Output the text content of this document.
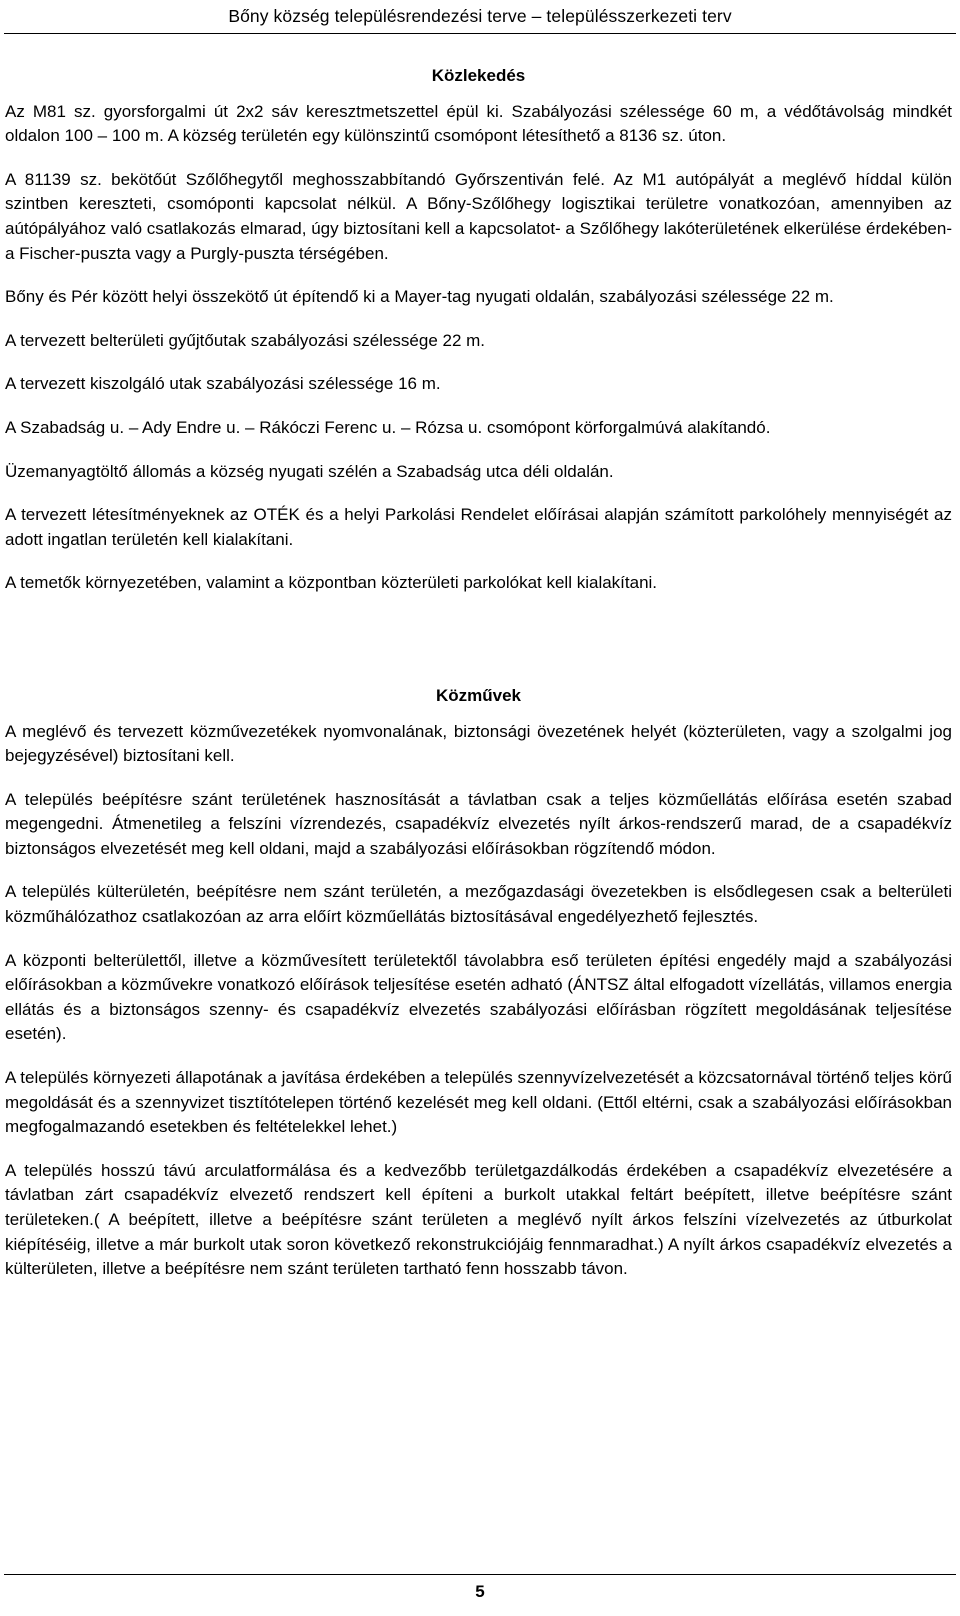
Bőny község településrendezési terve – településszerkezeti terv
Közlekedés

Az M81 sz. gyorsforgalmi út 2x2 sáv keresztmetszettel épül ki. Szabályozási szélessége 60 m, a védőtávolság mindkét oldalon 100 – 100 m. A község területén egy különszintű csomópont létesíthető a 8136 sz. úton.

A 81139 sz. bekötőút Szőlőhegytől meghosszabbítandó Győrszentiván felé. Az M1 autópályát a meglévő híddal külön szintben kereszteti, csomóponti kapcsolat nélkül. A Bőny-Szőlőhegy logisztikai területre vonatkozóan, amennyiben az aútópályához való csatlakozás elmarad, úgy biztosítani kell a kapcsolatot- a Szőlőhegy lakóterületének elkerülése érdekében- a Fischer-puszta vagy a Purgly-puszta térségében.

Bőny és Pér között helyi összekötő út építendő ki a Mayer-tag nyugati oldalán, szabályozási szélessége 22 m.

A tervezett belterületi gyűjtőutak szabályozási szélessége 22 m.

A tervezett kiszolgáló utak szabályozási szélessége 16 m.

A Szabadság u. – Ady Endre u. – Rákóczi Ferenc u. – Rózsa u. csomópont körforgalmúvá alakítandó.

Üzemanyagtöltő állomás a község nyugati szélén a Szabadság utca déli oldalán.

A tervezett létesítményeknek az OTÉK és a helyi Parkolási Rendelet előírásai alapján számított parkolóhely mennyiségét az adott ingatlan területén kell kialakítani.

A temetők környezetében, valamint a központban közterületi parkolókat kell kialakítani.

Közművek

A meglévő és tervezett közművezetékek nyomvonalának, biztonsági övezetének helyét (közterületen, vagy a szolgalmi jog bejegyzésével) biztosítani kell.

A település beépítésre szánt területének hasznosítását a távlatban csak a teljes közműellátás előírása esetén szabad megengedni. Átmenetileg a felszíni vízrendezés, csapadékvíz elvezetés nyílt árkos-rendszerű marad, de a csapadékvíz biztonságos elvezetését meg kell oldani, majd a szabályozási előírásokban rögzítendő módon.

A település külterületén, beépítésre nem szánt területén, a mezőgazdasági övezetekben is elsődlegesen csak a belterületi közműhálózathoz csatlakozóan az arra előírt közműellátás biztosításával engedélyezhető fejlesztés.

A központi belterülettől, illetve a közművesített területektől távolabbra eső területen építési engedély majd a szabályozási előírásokban a közművekre vonatkozó előírások teljesítése esetén adható (ÁNTSZ által elfogadott vízellátás, villamos energia ellátás és a biztonságos szenny- és csapadékvíz elvezetés szabályozási előírásban rögzített megoldásának teljesítése esetén).

A település környezeti állapotának a javítása érdekében a település szennyvízelvezetését a közcsatornával történő teljes körű megoldását és a szennyvizet tisztítótelepen történő kezelését meg kell oldani. (Ettől eltérni, csak a szabályozási előírásokban megfogalmazandó esetekben és feltételekkel lehet.)

A település hosszú távú arculatformálása és a kedvezőbb területgazdálkodás érdekében a csapadékvíz elvezetésére a távlatban zárt csapadékvíz elvezető rendszert kell építeni a burkolt utakkal feltárt beépített, illetve beépítésre szánt területeken.( A beépített, illetve a beépítésre szánt területen a meglévő nyílt árkos felszíni vízelvezetés az útburkolat kiépítéséig, illetve a már burkolt utak soron következő rekonstrukciójáig fennmaradhat.) A nyílt árkos csapadékvíz elvezetés a külterületen, illetve a beépítésre nem szánt területen tartható fenn hosszabb távon.

5
